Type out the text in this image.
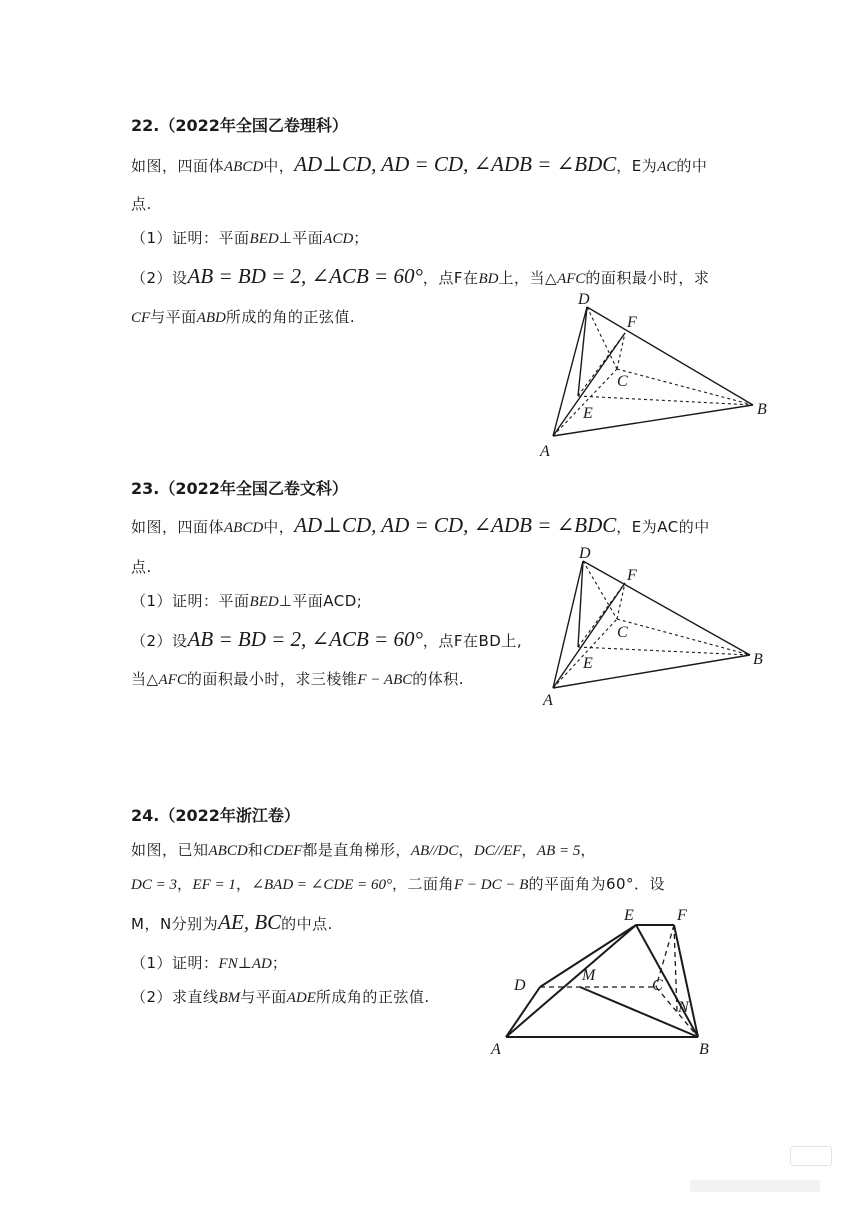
22.（2022年全国乙卷理科）
如图，四面体ABCD中，AD⊥CD, AD = CD, ∠ADB = ∠BDC，E为AC的中
点.
（1）证明：平面BED⊥平面ACD；
（2）设AB = BD = 2, ∠ACB = 60°，点F在BD上，当△AFC的面积最小时，求
CF与平面ABD所成的角的正弦值.
D
F
C
E
A
B
23.（2022年全国乙卷文科）
如图，四面体ABCD中，AD⊥CD, AD = CD, ∠ADB = ∠BDC，E为AC的中
点.
（1）证明：平面BED⊥平面ACD;
（2）设AB = BD = 2, ∠ACB = 60°，点F在BD上,
当△AFC的面积最小时，求三棱锥F − ABC的体积.
D
F
C
E
A
B
24.（2022年浙江卷）
如图，已知ABCD和CDEF都是直角梯形，AB//DC，DC//EF，AB = 5，
DC = 3，EF = 1，∠BAD = ∠CDE = 60°，二面角F − DC − B的平面角为60°．设
M，N分别为AE, BC的中点.
（1）证明：FN⊥AD；
（2）求直线BM与平面ADE所成角的正弦值.
E	F
D
M
C
N
A	B
